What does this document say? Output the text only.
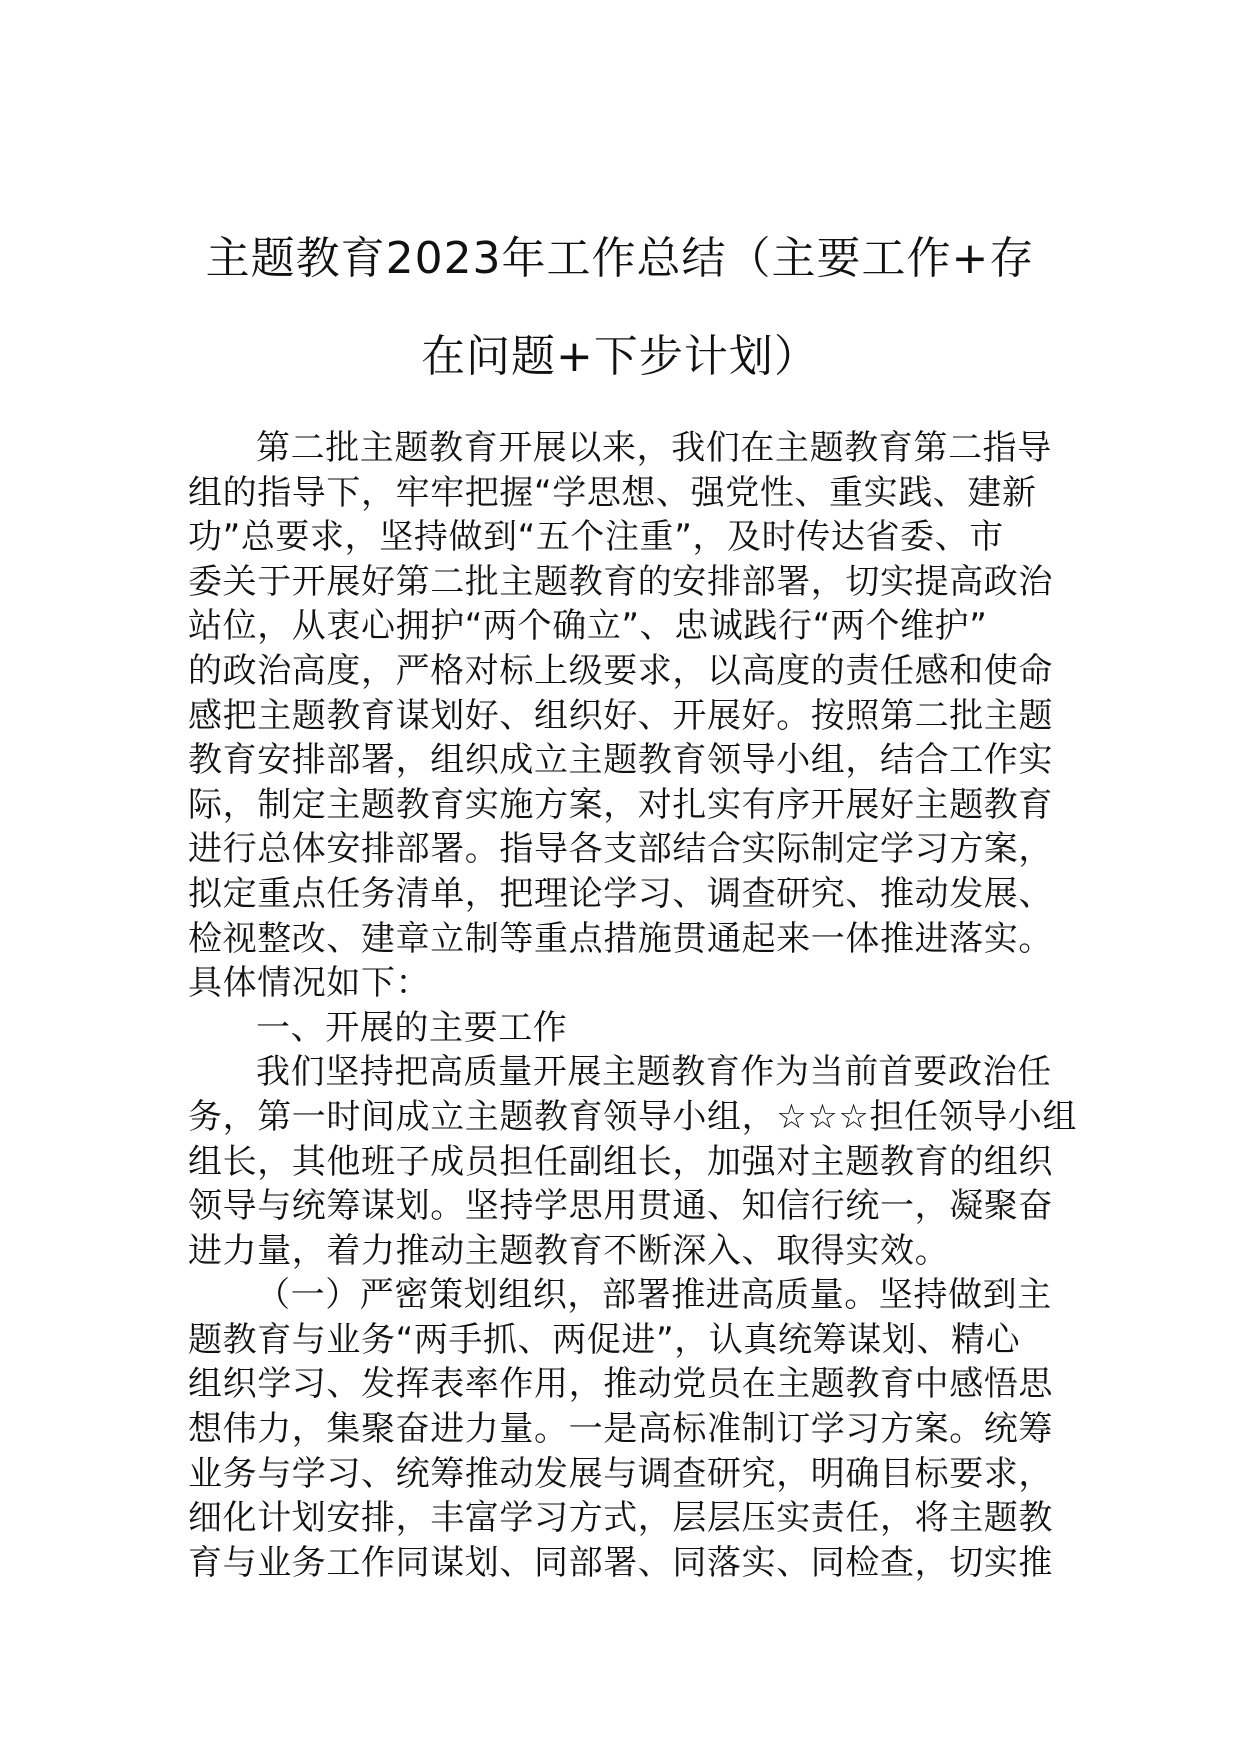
主题教育2023年工作总结（主要工作+存
在问题+下步计划）
第二批主题教育开展以来，我们在主题教育第二指导
组的指导下，牢牢把握“学思想、强党性、重实践、建新
功”总要求，坚持做到“五个注重”，及时传达省委、市
委关于开展好第二批主题教育的安排部署，切实提高政治
站位，从衷心拥护“两个确立”、忠诚践行“两个维护”
的政治高度，严格对标上级要求，以高度的责任感和使命
感把主题教育谋划好、组织好、开展好。按照第二批主题
教育安排部署，组织成立主题教育领导小组，结合工作实
际，制定主题教育实施方案，对扎实有序开展好主题教育
进行总体安排部署。指导各支部结合实际制定学习方案，
拟定重点任务清单，把理论学习、调查研究、推动发展、
检视整改、建章立制等重点措施贯通起来一体推进落实。
具体情况如下：
一、开展的主要工作
我们坚持把高质量开展主题教育作为当前首要政治任
务，第一时间成立主题教育领导小组，☆☆☆担任领导小组
组长，其他班子成员担任副组长，加强对主题教育的组织
领导与统筹谋划。坚持学思用贯通、知信行统一，凝聚奋
进力量，着力推动主题教育不断深入、取得实效。
（一）严密策划组织，部署推进高质量。坚持做到主
题教育与业务“两手抓、两促进”，认真统筹谋划、精心
组织学习、发挥表率作用，推动党员在主题教育中感悟思
想伟力，集聚奋进力量。一是高标准制订学习方案。统筹
业务与学习、统筹推动发展与调查研究，明确目标要求，
细化计划安排，丰富学习方式，层层压实责任，将主题教
育与业务工作同谋划、同部署、同落实、同检查，切实推
